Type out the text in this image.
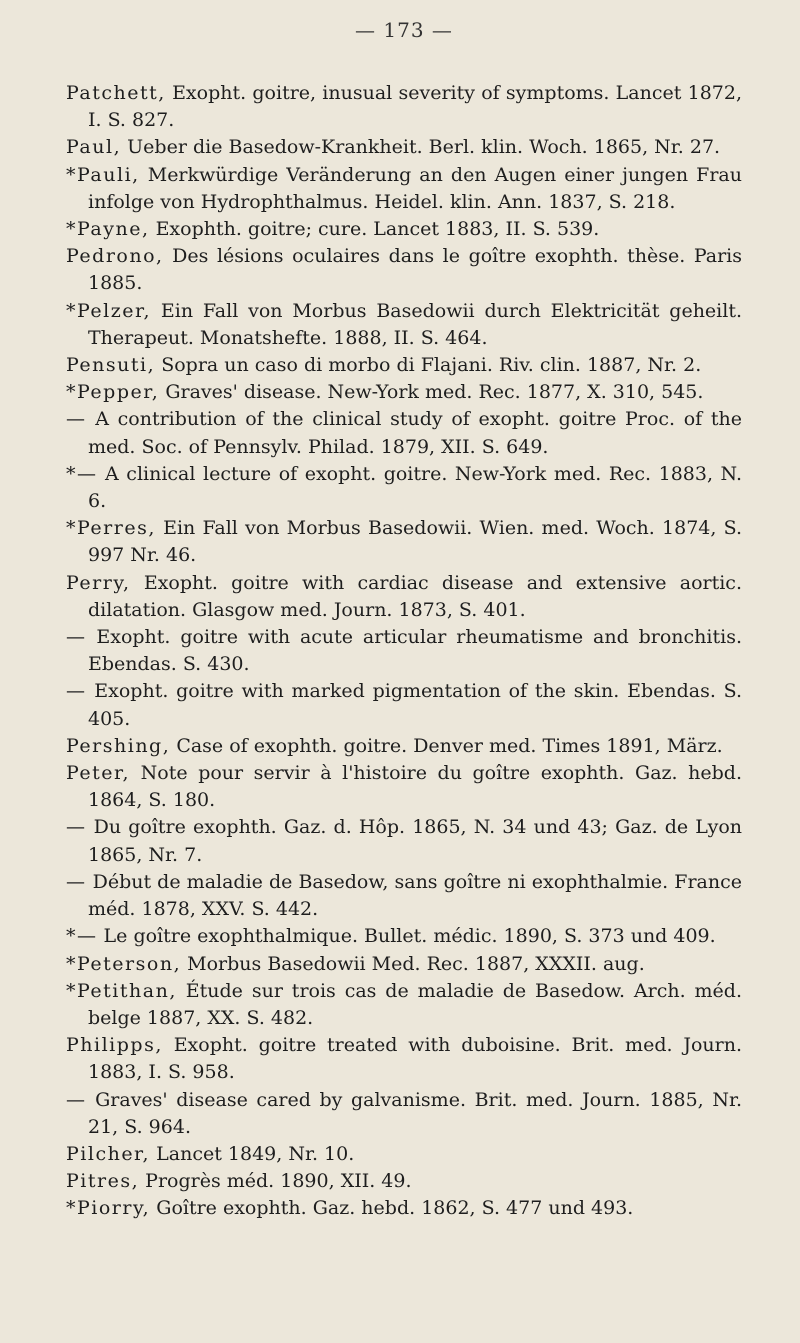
— 173 —

Patchett, Exopht. goitre, inusual severity of symptoms. Lancet 1872, I. S. 827.

Paul, Ueber die Basedow-Krankheit. Berl. klin. Woch. 1865, Nr. 27.

*Pauli, Merkwürdige Veränderung an den Augen einer jungen Frau infolge von Hydrophthalmus. Heidel. klin. Ann. 1837, S. 218.

*Payne, Exophth. goitre; cure. Lancet 1883, II. S. 539.

Pedrono, Des lésions oculaires dans le goître exophth. thèse. Paris 1885.

*Pelzer, Ein Fall von Morbus Basedowii durch Elektricität geheilt. Therapeut. Monatshefte. 1888, II. S. 464.

Pensuti, Sopra un caso di morbo di Flajani. Riv. clin. 1887, Nr. 2.

*Pepper, Graves' disease. New-York med. Rec. 1877, X. 310, 545.

— A contribution of the clinical study of exopht. goitre Proc. of the med. Soc. of Pennsylv. Philad. 1879, XII. S. 649.

*— A clinical lecture of exopht. goitre. New-York med. Rec. 1883, N. 6.

*Perres, Ein Fall von Morbus Basedowii. Wien. med. Woch. 1874, S. 997 Nr. 46.

Perry, Exopht. goitre with cardiac disease and extensive aortic. dilatation. Glasgow med. Journ. 1873, S. 401.

— Exopht. goitre with acute articular rheumatisme and bronchitis. Ebendas. S. 430.

— Exopht. goitre with marked pigmentation of the skin. Ebendas. S. 405.

Pershing, Case of exophth. goitre. Denver med. Times 1891, März.

Peter, Note pour servir à l'histoire du goître exophth. Gaz. hebd. 1864, S. 180.

— Du goître exophth. Gaz. d. Hôp. 1865, N. 34 und 43; Gaz. de Lyon 1865, Nr. 7.

— Début de maladie de Basedow, sans goître ni exophthalmie. France méd. 1878, XXV. S. 442.

*— Le goître exophthalmique. Bullet. médic. 1890, S. 373 und 409.

*Peterson, Morbus Basedowii Med. Rec. 1887, XXXII. aug.

*Petithan, Étude sur trois cas de maladie de Basedow. Arch. méd. belge 1887, XX. S. 482.

Philipps, Exopht. goitre treated with duboisine. Brit. med. Journ. 1883, I. S. 958.

— Graves' disease cared by galvanisme. Brit. med. Journ. 1885, Nr. 21, S. 964.

Pilcher, Lancet 1849, Nr. 10.

Pitres, Progrès méd. 1890, XII. 49.

*Piorry, Goître exophth. Gaz. hebd. 1862, S. 477 und 493.
